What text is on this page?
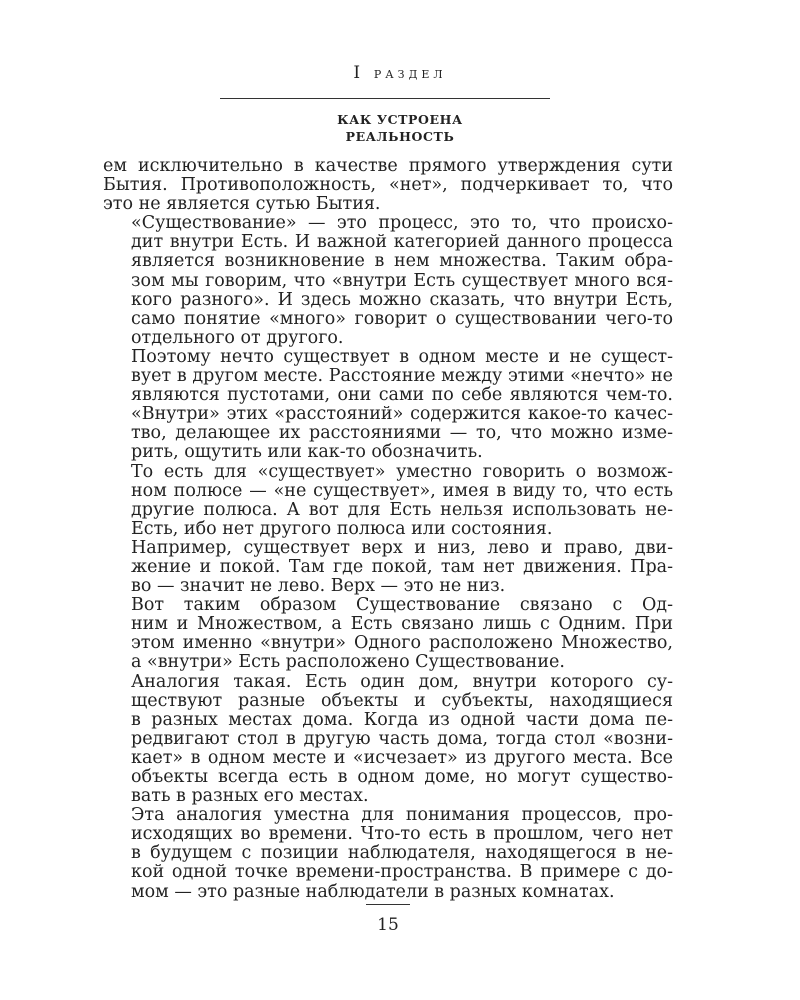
I РАЗДЕЛ
КАК УСТРОЕНА
РЕАЛЬНОСТЬ

ем исключительно в качестве прямого утверждения сути
Бытия. Противоположность, «нет», подчеркивает то, что
это не является сутью Бытия.

«Существование» — это процесс, это то, что происхо-
дит внутри Есть. И важной категорией данного процесса
является возникновение в нем множества. Таким обра-
зом мы говорим, что «внутри Есть существует много вся-
кого разного». И здесь можно сказать, что внутри Есть,
само понятие «много» говорит о существовании чего-то
отдельного от другого.

Поэтому нечто существует в одном месте и не сущест-
вует в другом месте. Расстояние между этими «нечто» не
являются пустотами, они сами по себе являются чем-то.
«Внутри» этих «расстояний» содержится какое-то качес-
тво, делающее их расстояниями — то, что можно изме-
рить, ощутить или как-то обозначить.

То есть для «существует» уместно говорить о возмож-
ном полюсе — «не существует», имея в виду то, что есть
другие полюса. А вот для Есть нельзя использовать не-
Есть, ибо нет другого полюса или состояния.

Например, существует верх и низ, лево и право, дви-
жение и покой. Там где покой, там нет движения. Пра-
во — значит не лево. Верх — это не низ.

Вот таким образом Существование связано с Од-
ним и Множеством, а Есть связано лишь с Одним. При
этом именно «внутри» Одного расположено Множество,
а «внутри» Есть расположено Существование.

Аналогия такая. Есть один дом, внутри которого су-
ществуют разные объекты и субъекты, находящиеся
в разных местах дома. Когда из одной части дома пе-
редвигают стол в другую часть дома, тогда стол «возни-
кает» в одном месте и «исчезает» из другого места. Все
объекты всегда есть в одном доме, но могут существо-
вать в разных его местах.

Эта аналогия уместна для понимания процессов, про-
исходящих во времени. Что-то есть в прошлом, чего нет
в будущем с позиции наблюдателя, находящегося в не-
кой одной точке времени-пространства. В примере с до-
мом — это разные наблюдатели в разных комнатах.

15
